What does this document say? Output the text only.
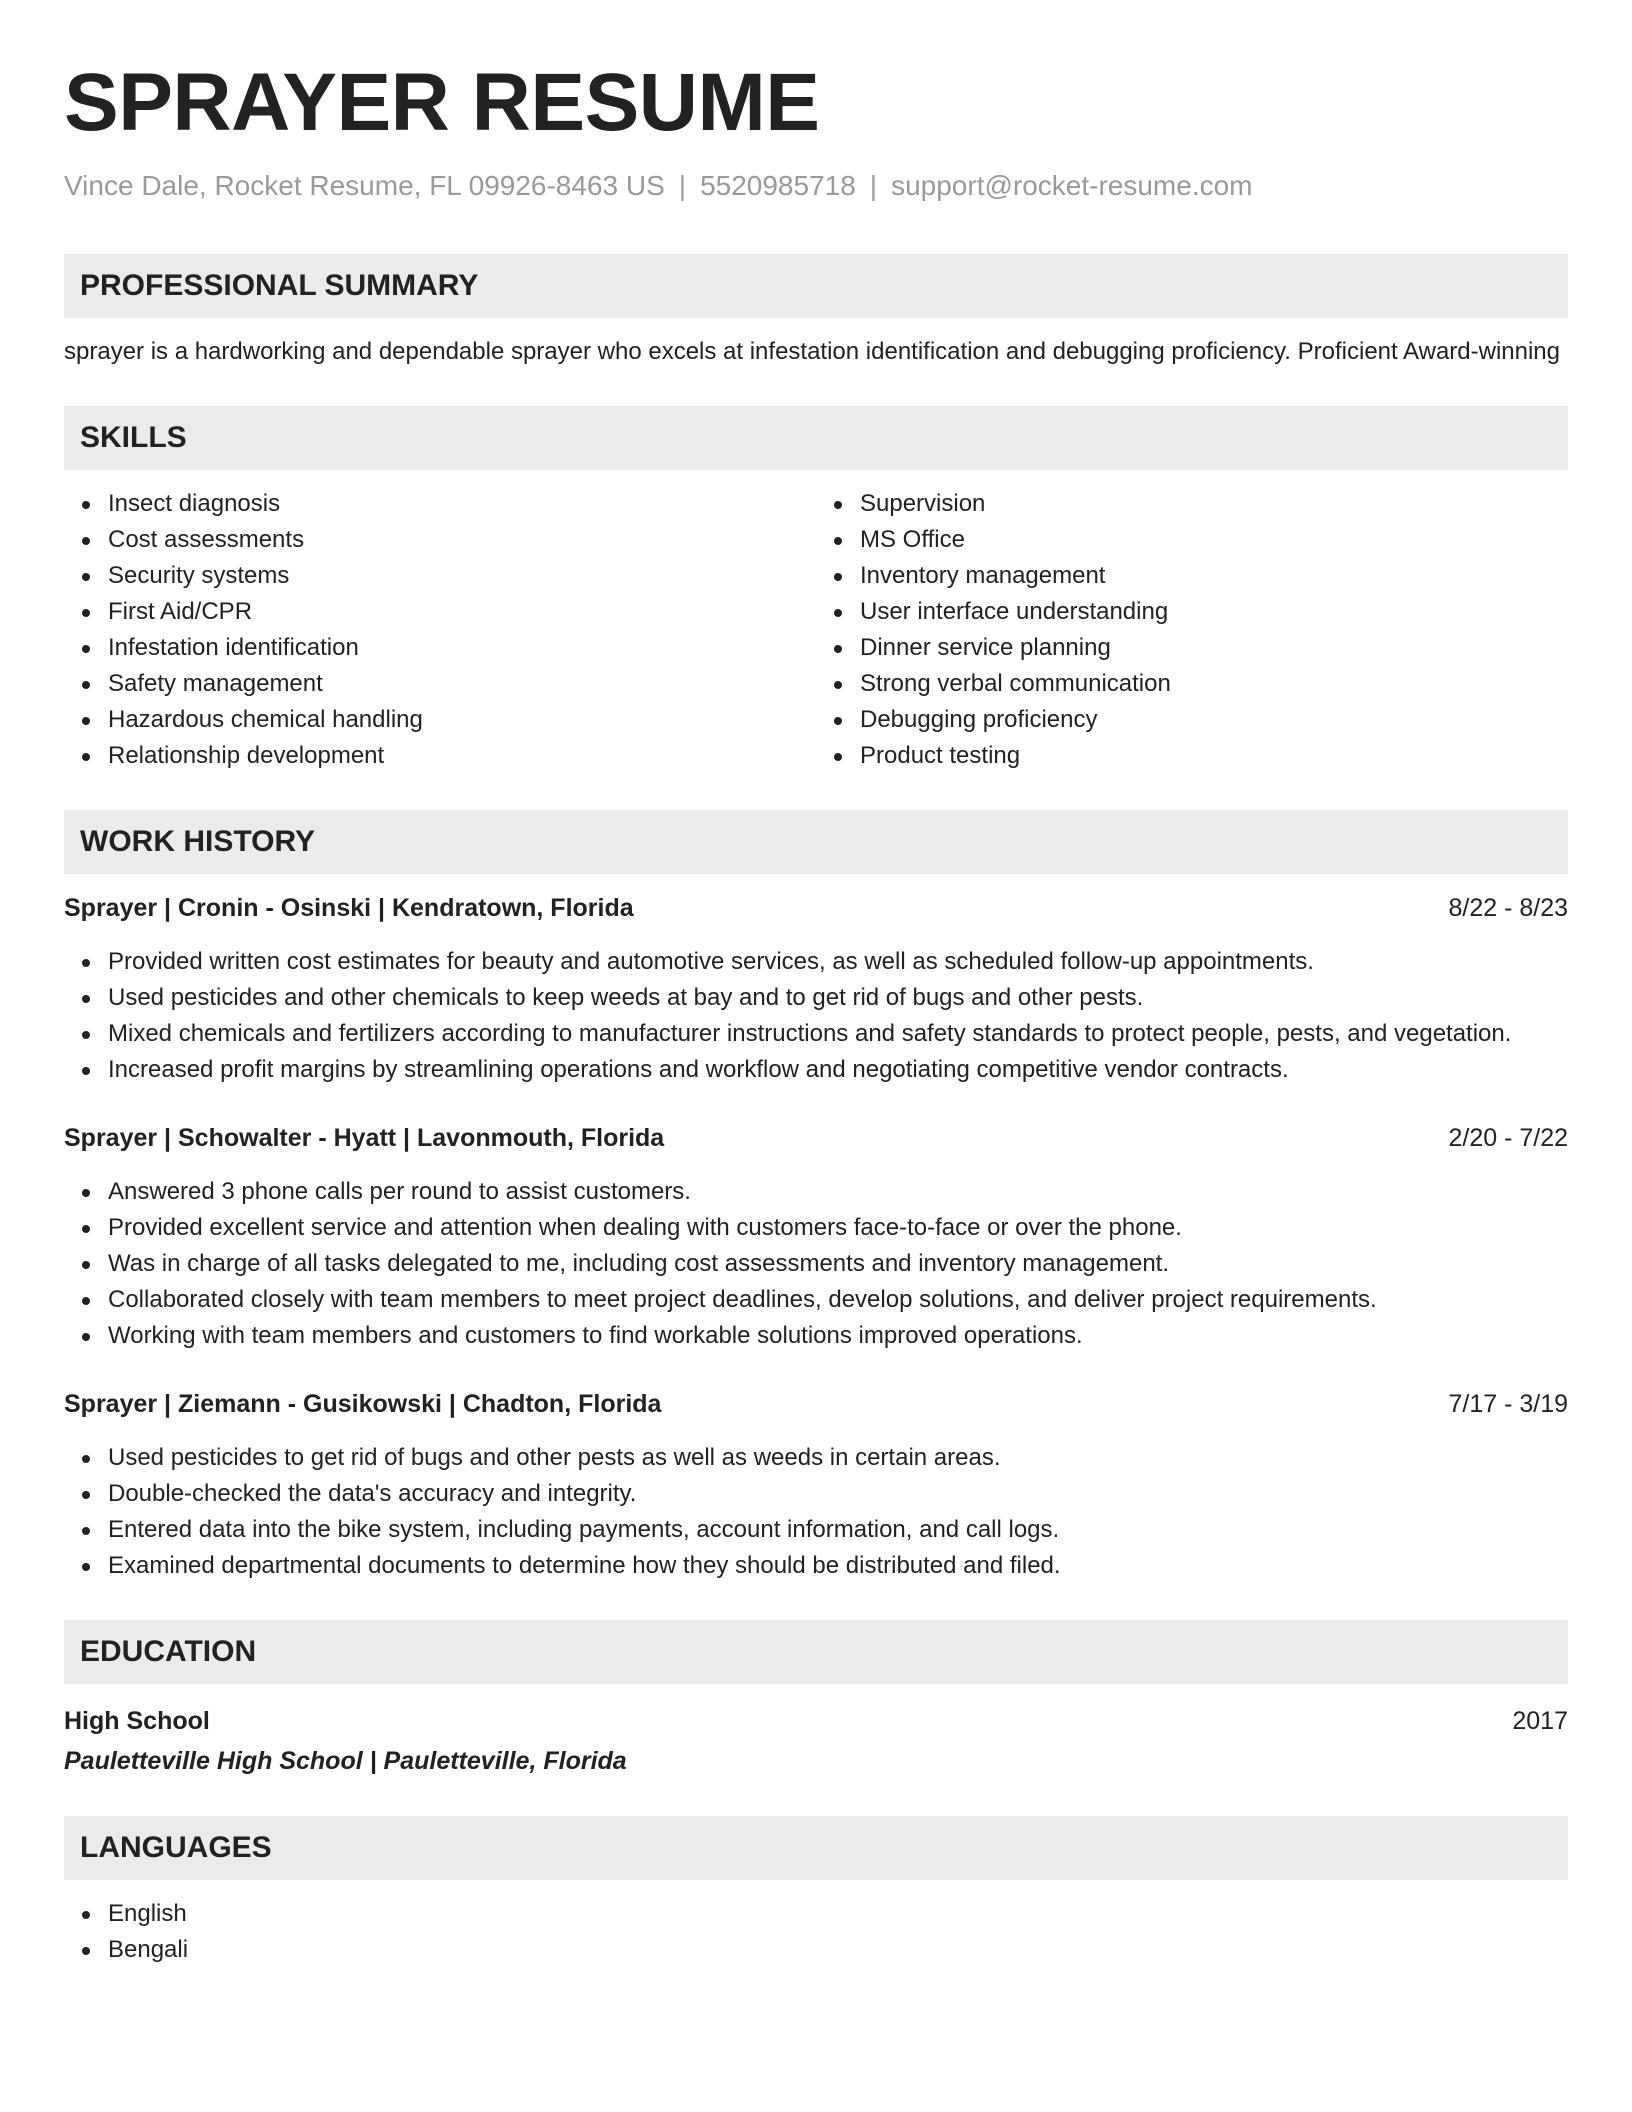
SPRAYER RESUME
Vince Dale, Rocket Resume, FL 09926-8463 US | 5520985718 | support@rocket-resume.com
PROFESSIONAL SUMMARY
sprayer is a hardworking and dependable sprayer who excels at infestation identification and debugging proficiency. Proficient Award-winning
SKILLS
Insect diagnosis
Cost assessments
Security systems
First Aid/CPR
Infestation identification
Safety management
Hazardous chemical handling
Relationship development
Supervision
MS Office
Inventory management
User interface understanding
Dinner service planning
Strong verbal communication
Debugging proficiency
Product testing
WORK HISTORY
Sprayer | Cronin - Osinski | Kendratown, Florida	8/22 - 8/23
Provided written cost estimates for beauty and automotive services, as well as scheduled follow-up appointments.
Used pesticides and other chemicals to keep weeds at bay and to get rid of bugs and other pests.
Mixed chemicals and fertilizers according to manufacturer instructions and safety standards to protect people, pests, and vegetation.
Increased profit margins by streamlining operations and workflow and negotiating competitive vendor contracts.
Sprayer | Schowalter - Hyatt | Lavonmouth, Florida	2/20 - 7/22
Answered 3 phone calls per round to assist customers.
Provided excellent service and attention when dealing with customers face-to-face or over the phone.
Was in charge of all tasks delegated to me, including cost assessments and inventory management.
Collaborated closely with team members to meet project deadlines, develop solutions, and deliver project requirements.
Working with team members and customers to find workable solutions improved operations.
Sprayer | Ziemann - Gusikowski | Chadton, Florida	7/17 - 3/19
Used pesticides to get rid of bugs and other pests as well as weeds in certain areas.
Double-checked the data's accuracy and integrity.
Entered data into the bike system, including payments, account information, and call logs.
Examined departmental documents to determine how they should be distributed and filed.
EDUCATION
High School	2017
Pauletteville High School | Pauletteville, Florida
LANGUAGES
English
Bengali
